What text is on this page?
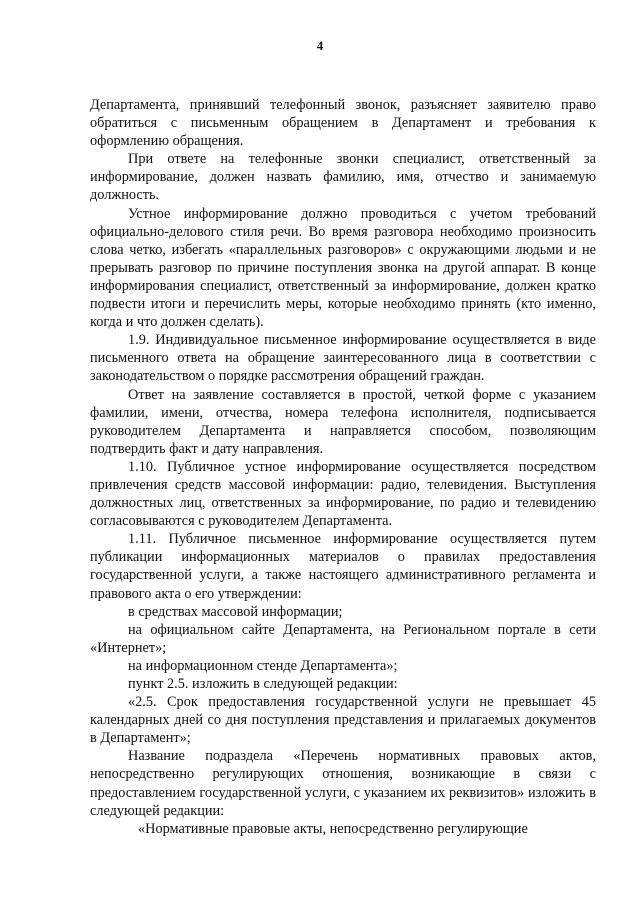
4

Департамента, принявший телефонный звонок, разъясняет заявителю право обратиться с письменным обращением в Департамент и требования к оформлению обращения.

При ответе на телефонные звонки специалист, ответственный за информирование, должен назвать фамилию, имя, отчество и занимаемую должность.

Устное информирование должно проводиться с учетом требований официально-делового стиля речи. Во время разговора необходимо произносить слова четко, избегать «параллельных разговоров» с окружающими людьми и не прерывать разговор по причине поступления звонка на другой аппарат. В конце информирования специалист, ответственный за информирование, должен кратко подвести итоги и перечислить меры, которые необходимо принять (кто именно, когда и что должен сделать).

1.9. Индивидуальное письменное информирование осуществляется в виде письменного ответа на обращение заинтересованного лица в соответствии с законодательством о порядке рассмотрения обращений граждан.

Ответ на заявление составляется в простой, четкой форме с указанием фамилии, имени, отчества, номера телефона исполнителя, подписывается руководителем Департамента и направляется способом, позволяющим подтвердить факт и дату направления.

1.10. Публичное устное информирование осуществляется посредством привлечения средств массовой информации: радио, телевидения. Выступления должностных лиц, ответственных за информирование, по радио и телевидению согласовываются с руководителем Департамента.

1.11. Публичное письменное информирование осуществляется путем публикации информационных материалов о правилах предоставления государственной услуги, а также настоящего административного регламента и правового акта о его утверждении:

в средствах массовой информации;

на официальном сайте Департамента, на Региональном портале в сети «Интернет»;

на информационном стенде Департамента»;

пункт 2.5. изложить в следующей редакции:

«2.5. Срок предоставления государственной услуги не превышает 45 календарных дней со дня поступления представления и прилагаемых документов в Департамент»;

Название подраздела «Перечень нормативных правовых актов, непосредственно регулирующих отношения, возникающие в связи с предоставлением государственной услуги, с указанием их реквизитов» изложить в следующей редакции:

«Нормативные правовые акты, непосредственно регулирующие
